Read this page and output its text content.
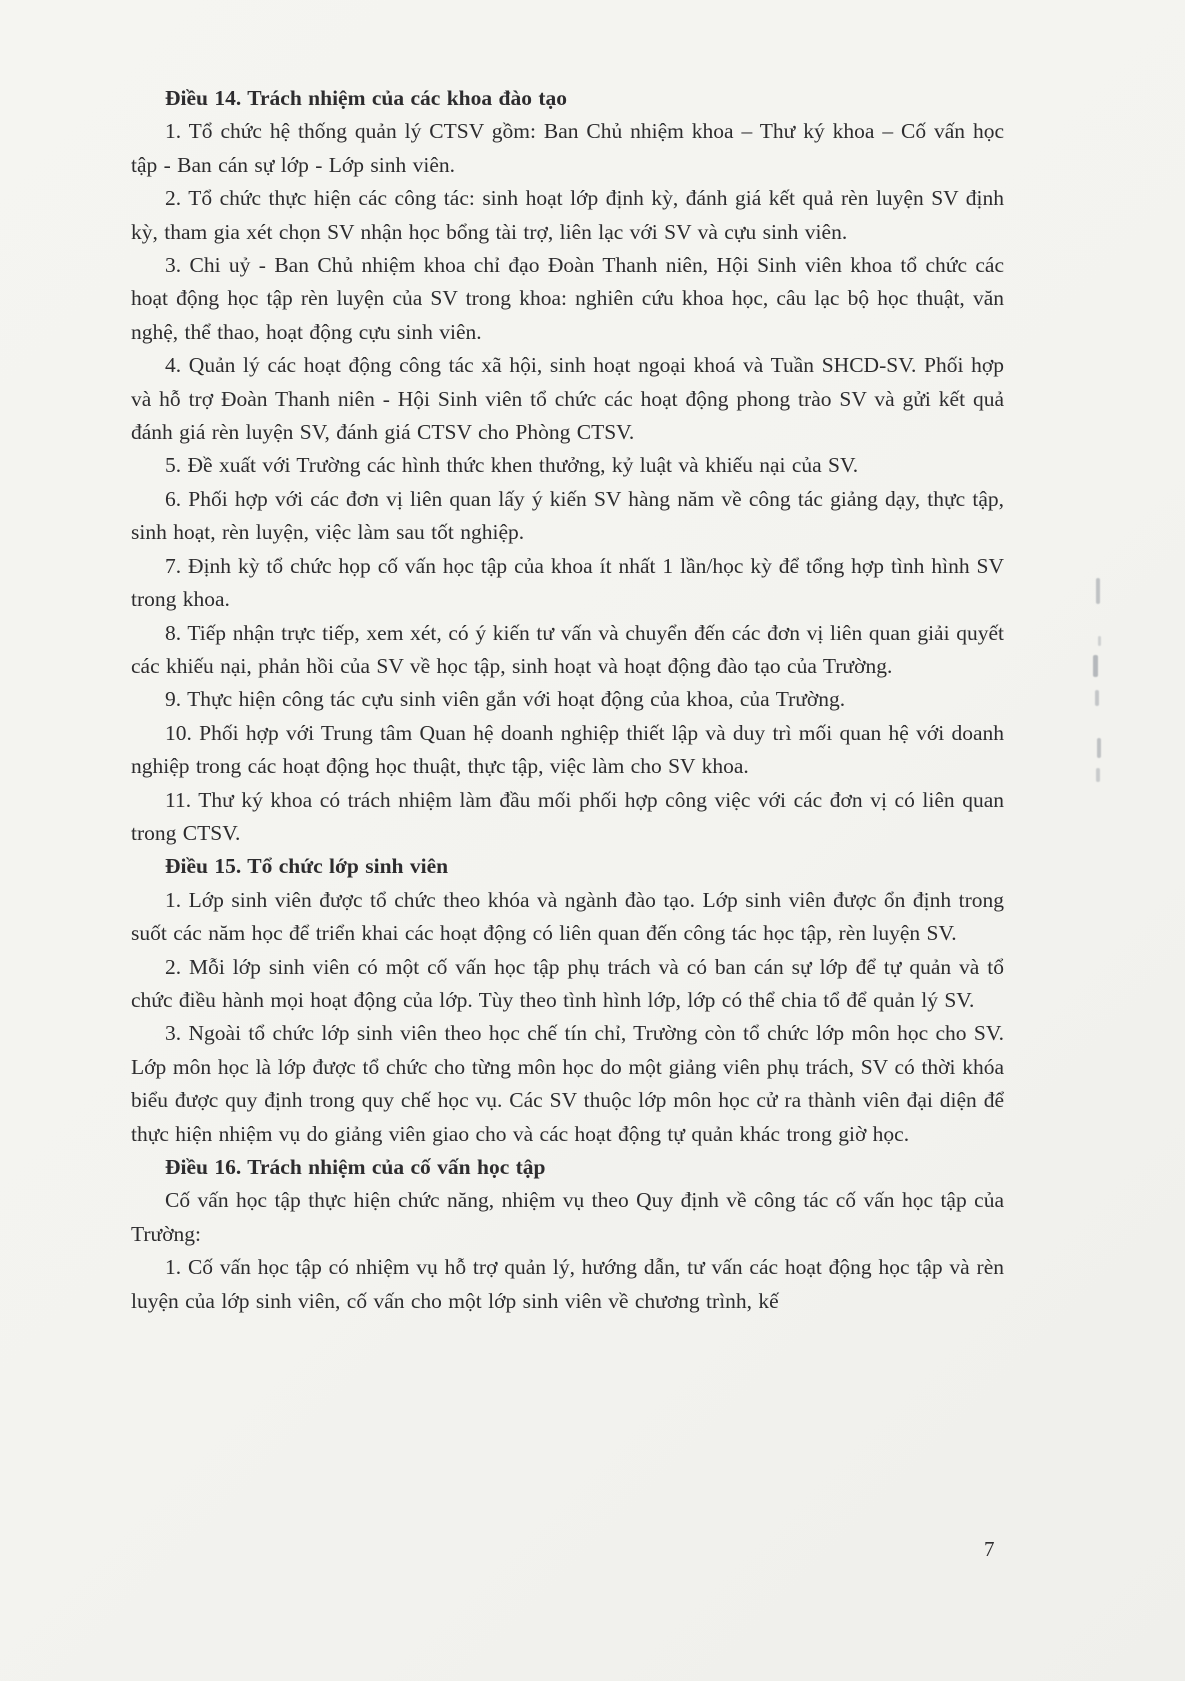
Điều 14. Trách nhiệm của các khoa đào tạo

1. Tổ chức hệ thống quản lý CTSV gồm: Ban Chủ nhiệm khoa – Thư ký khoa – Cố vấn học tập - Ban cán sự lớp - Lớp sinh viên.

2. Tổ chức thực hiện các công tác: sinh hoạt lớp định kỳ, đánh giá kết quả rèn luyện SV định kỳ, tham gia xét chọn SV nhận học bổng tài trợ, liên lạc với SV và cựu sinh viên.

3. Chi uỷ - Ban Chủ nhiệm khoa chỉ đạo Đoàn Thanh niên, Hội Sinh viên khoa tổ chức các hoạt động học tập rèn luyện của SV trong khoa: nghiên cứu khoa học, câu lạc bộ học thuật, văn nghệ, thể thao, hoạt động cựu sinh viên.

4. Quản lý các hoạt động công tác xã hội, sinh hoạt ngoại khoá và Tuần SHCD-SV. Phối hợp và hỗ trợ Đoàn Thanh niên - Hội Sinh viên tổ chức các hoạt động phong trào SV và gửi kết quả đánh giá rèn luyện SV, đánh giá CTSV cho Phòng CTSV.

5. Đề xuất với Trường các hình thức khen thưởng, kỷ luật và khiếu nại của SV.

6. Phối hợp với các đơn vị liên quan lấy ý kiến SV hàng năm về công tác giảng dạy, thực tập, sinh hoạt, rèn luyện, việc làm sau tốt nghiệp.

7. Định kỳ tổ chức họp cố vấn học tập của khoa ít nhất 1 lần/học kỳ để tổng hợp tình hình SV trong khoa.

8. Tiếp nhận trực tiếp, xem xét, có ý kiến tư vấn và chuyển đến các đơn vị liên quan giải quyết các khiếu nại, phản hồi của SV về học tập, sinh hoạt và hoạt động đào tạo của Trường.

9. Thực hiện công tác cựu sinh viên gắn với hoạt động của khoa, của Trường.

10. Phối hợp với Trung tâm Quan hệ doanh nghiệp thiết lập và duy trì mối quan hệ với doanh nghiệp trong các hoạt động học thuật, thực tập, việc làm cho SV khoa.

11. Thư ký khoa có trách nhiệm làm đầu mối phối hợp công việc với các đơn vị có liên quan trong CTSV.

Điều 15. Tổ chức lớp sinh viên

1. Lớp sinh viên được tổ chức theo khóa và ngành đào tạo. Lớp sinh viên được ổn định trong suốt các năm học để triển khai các hoạt động có liên quan đến công tác học tập, rèn luyện SV.

2. Mỗi lớp sinh viên có một cố vấn học tập phụ trách và có ban cán sự lớp để tự quản và tổ chức điều hành mọi hoạt động của lớp. Tùy theo tình hình lớp, lớp có thể chia tổ để quản lý SV.

3. Ngoài tổ chức lớp sinh viên theo học chế tín chỉ, Trường còn tổ chức lớp môn học cho SV. Lớp môn học là lớp được tổ chức cho từng môn học do một giảng viên phụ trách, SV có thời khóa biểu được quy định trong quy chế học vụ. Các SV thuộc lớp môn học cử ra thành viên đại diện để thực hiện nhiệm vụ do giảng viên giao cho và các hoạt động tự quản khác trong giờ học.

Điều 16. Trách nhiệm của cố vấn học tập

Cố vấn học tập thực hiện chức năng, nhiệm vụ theo Quy định về công tác cố vấn học tập của Trường:

1. Cố vấn học tập có nhiệm vụ hỗ trợ quản lý, hướng dẫn, tư vấn các hoạt động học tập và rèn luyện của lớp sinh viên, cố vấn cho một lớp sinh viên về chương trình, kế

7
